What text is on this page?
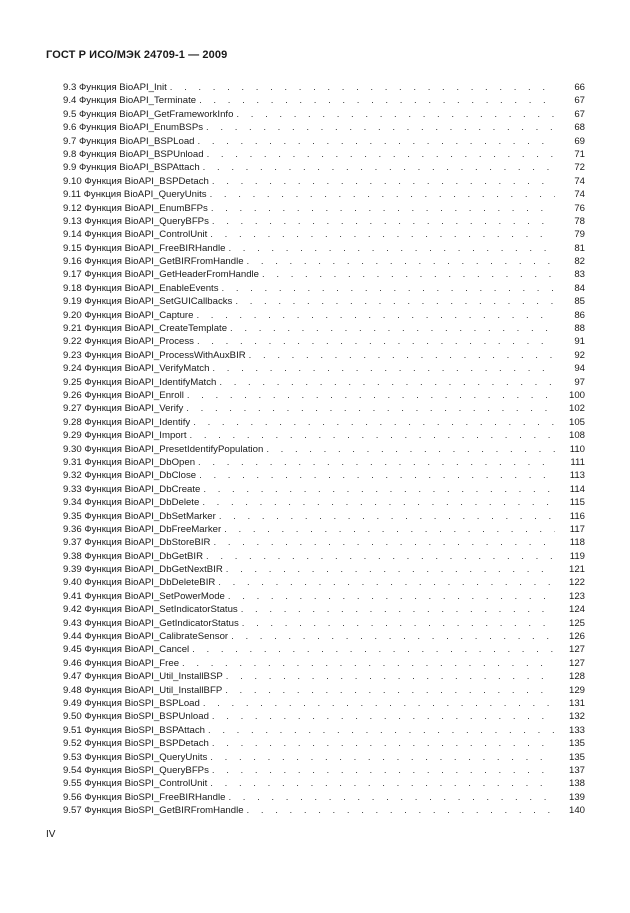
ГОСТ Р ИСО/МЭК 24709-1 — 2009
9.3 Функция BioAPI_Init . . .	66
9.4 Функция BioAPI_Terminate . . .	67
9.5 Функция BioAPI_GetFrameworkInfo . . .	67
9.6 Функция BioAPI_EnumBSPs . . .	68
9.7 Функция BioAPI_BSPLoad . . .	69
9.8 Функция BioAPI_BSPUnload . . .	71
9.9 Функция BioAPI_BSPAttach . . .	72
9.10 Функция BioAPI_BSPDetach . . .	74
9.11 Функция BioAPI_QueryUnits . . .	74
9.12 Функция BioAPI_EnumBFPs . . .	76
9.13 Функция BioAPI_QueryBFPs . . .	78
9.14 Функция BioAPI_ControlUnit . . .	79
9.15 Функция BioAPI_FreeBIRHandle . . .	81
9.16 Функция BioAPI_GetBIRFromHandle . . .	82
9.17 Функция BioAPI_GetHeaderFromHandle . . .	83
9.18 Функция BioAPI_EnableEvents . . .	84
9.19 Функция BioAPI_SetGUICallbacks . . .	85
9.20 Функция BioAPI_Capture . . .	86
9.21 Функция BioAPI_CreateTemplate . . .	88
9.22 Функция BioAPI_Process . . .	91
9.23 Функция BioAPI_ProcessWithAuxBIR . . .	92
9.24 Функция BioAPI_VerifyMatch . . .	94
9.25 Функция BioAPI_IdentifyMatch . . .	97
9.26 Функция BioAPI_Enroll . . .	100
9.27 Функция BioAPI_Verify . . .	102
9.28 Функция BioAPI_Identify . . .	105
9.29 Функция BioAPI_Import . . .	108
9.30 Функция BioAPI_PresetIdentifyPopulation . . .	110
9.31 Функция BioAPI_DbOpen . . .	111
9.32 Функция BioAPI_DbClose . . .	113
9.33 Функция BioAPI_DbCreate . . .	114
9.34 Функция BioAPI_DbDelete . . .	115
9.35 Функция BioAPI_DbSetMarker . . .	116
9.36 Функция BioAPI_DbFreeMarker . . .	117
9.37 Функция BioAPI_DbStoreBIR . . .	118
9.38 Функция BioAPI_DbGetBIR . . .	119
9.39 Функция BioAPI_DbGetNextBIR . . .	121
9.40 Функция BioAPI_DbDeleteBIR . . .	122
9.41 Функция BioAPI_SetPowerMode . . .	123
9.42 Функция BioAPI_SetIndicatorStatus . . .	124
9.43 Функция BioAPI_GetIndicatorStatus . . .	125
9.44 Функция BioAPI_CalibrateSensor . . .	126
9.45 Функция BioAPI_Cancel . . .	127
9.46 Функция BioAPI_Free . . .	127
9.47 Функция BioAPI_Util_InstallBSP . . .	128
9.48 Функция BioAPI_Util_InstallBFP . . .	129
9.49 Функция BioSPI_BSPLoad . . .	131
9.50 Функция BioSPI_BSPUnload . . .	132
9.51 Функция BioSPI_BSPAttach . . .	133
9.52 Функция BioSPI_BSPDetach . . .	135
9.53 Функция BioSPI_QueryUnits . . .	135
9.54 Функция BioSPI_QueryBFPs . . .	137
9.55 Функция BioSPI_ControlUnit . . .	138
9.56 Функция BioSPI_FreeBIRHandle . . .	139
9.57 Функция BioSPI_GetBIRFromHandle . . .	140
IV
